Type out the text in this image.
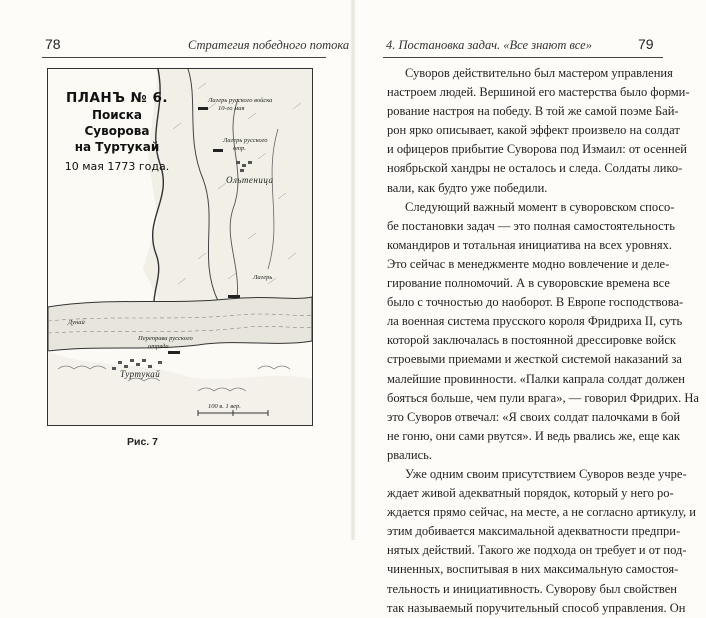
78	Стратегия победного потока
ПЛАНЪ № 6.
Поиска Суворова
на Туртукай
10 мая 1773 года.
Лагерь русского войска
10-го мая
Лагерь русского
отр.
Ольтеница
Лагерь
Дунай
Переправа русского
отряда
Туртукай
100 в. 1 вер.
Рис. 7
4. Постановка задач. «Все знают все»	79
Суворов действительно был мастером управления
настроем людей. Вершиной его мастерства было форми-
рование настроя на победу. В той же самой поэме Бай-
рон ярко описывает, какой эффект произвело на солдат
и офицеров прибытие Суворова под Измаил: от осенней
ноябрьской хандры не осталось и следа. Солдаты лико-
вали, как будто уже победили.
Следующий важный момент в суворовском спосо-
бе постановки задач — это полная самостоятельность
командиров и тотальная инициатива на всех уровнях.
Это сейчас в менеджменте модно вовлечение и деле-
гирование полномочий. А в суворовские времена все
было с точностью до наоборот. В Европе господствова-
ла военная система прусского короля Фридриха II, суть
которой заключалась в постоянной дрессировке войск
строевыми приемами и жесткой системой наказаний за
малейшие провинности. «Палки капрала солдат должен
бояться больше, чем пули врага», — говорил Фридрих. На
это Суворов отвечал: «Я своих солдат палочками в бой
не гоню, они сами рвутся». И ведь рвались же, еще как
рвались.
Уже одним своим присутствием Суворов везде учре-
ждает живой адекватный порядок, который у него ро-
ждается прямо сейчас, на месте, а не согласно артикулу, и
этим добивается максимальной адекватности предпри-
нятых действий. Такого же подхода он требует и от под-
чиненных, воспитывая в них максимальную самостоя-
тельность и инициативность. Суворову был свойствен
так называемый поручительный способ управления. Он
